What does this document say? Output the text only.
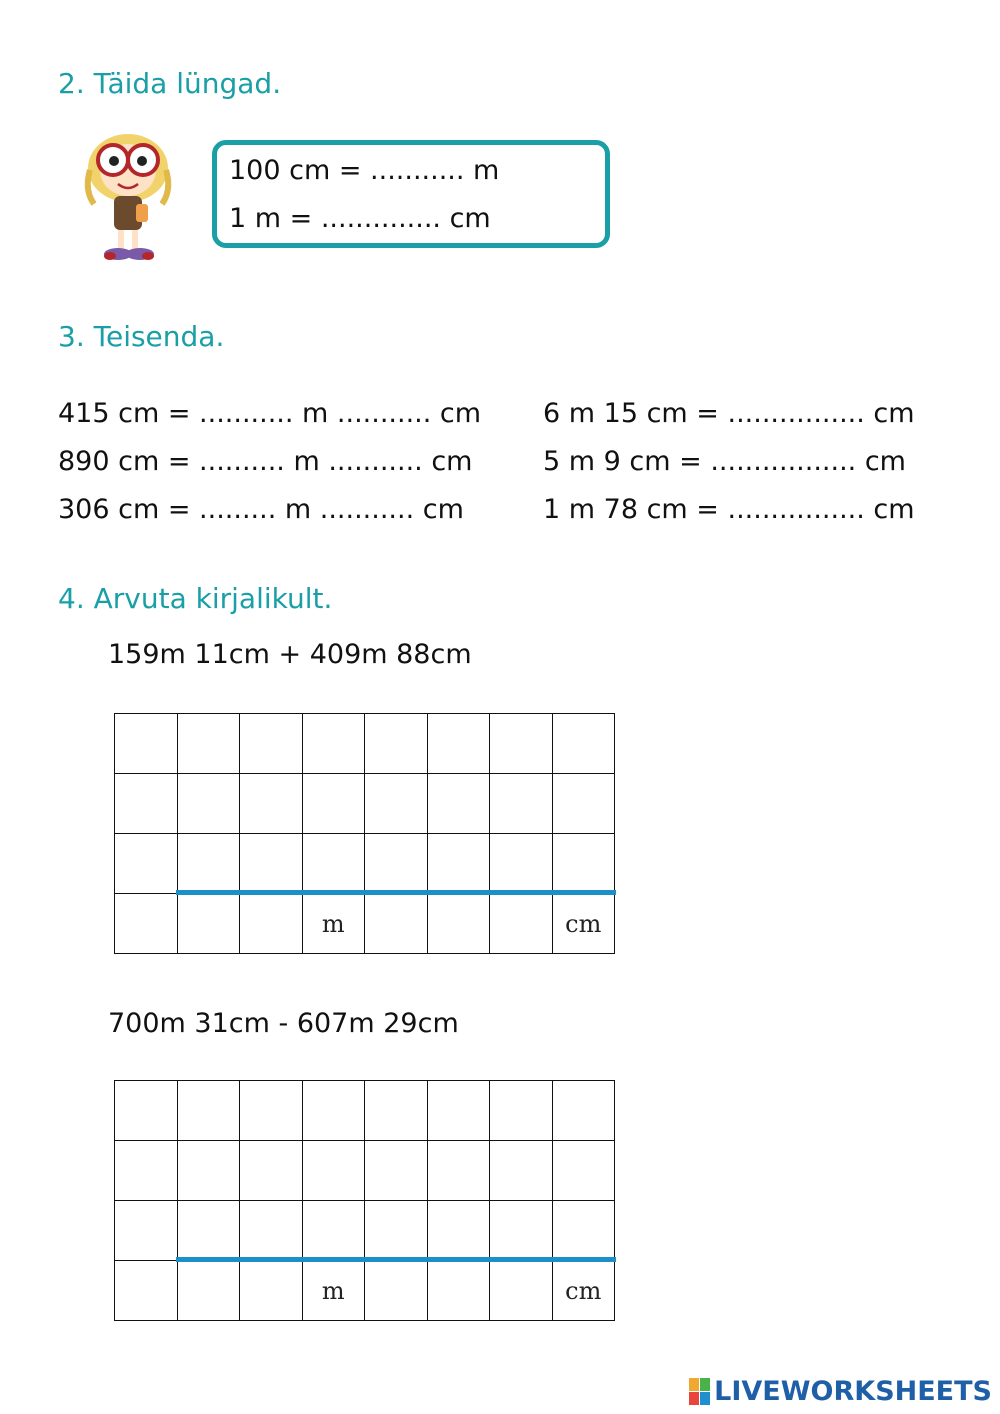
2. Täida lüngad.
100 cm = ........... m
1 m = .............. cm
3. Teisenda.
415 cm = ........... m ........... cm
890 cm = .......... m ........... cm
306 cm = ......... m ........... cm
6 m 15 cm = ................ cm
5 m 9 cm = ................. cm
1 m 78 cm = ................ cm
4. Arvuta kirjalikult.
159m 11cm + 409m 88cm

			m				cm
700m 31cm - 607m 29cm

			m				cm
LIVEWORKSHEETS
